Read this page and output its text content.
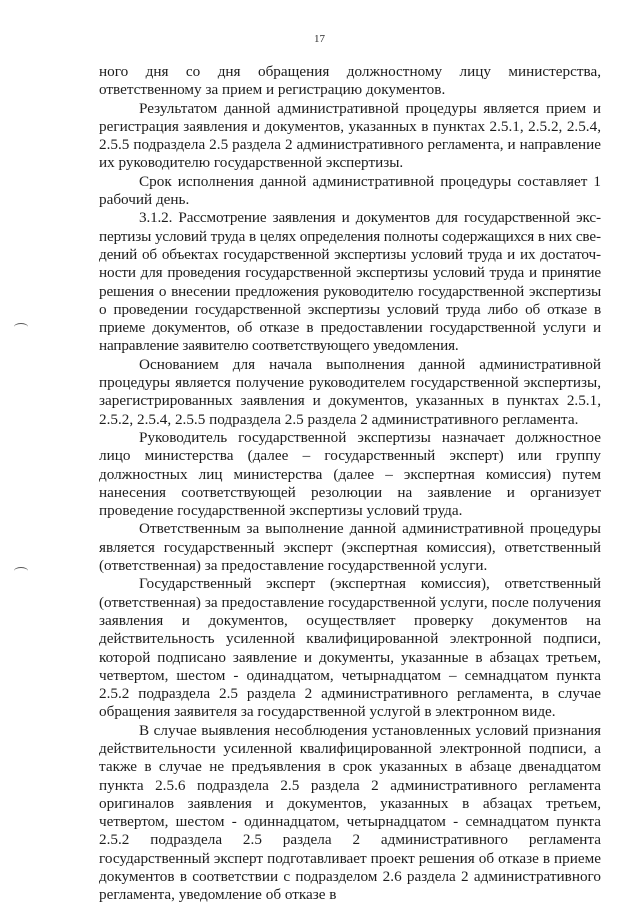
17

ного дня со дня обращения должностному лицу министерства, ответственному за прием и регистрацию документов.

Результатом данной административной процедуры является прием и регистрация заявления и документов, указанных в пунктах 2.5.1, 2.5.2, 2.5.4, 2.5.5 подраздела 2.5 раздела 2 административного регламента, и направление их руководителю государственной экспертизы.

Срок исполнения данной административной процедуры составляет 1 рабочий день.

3.1.2. Рассмотрение заявления и документов для государственной экспертизы условий труда в целях определения полноты содержащихся в них сведений об объектах государственной экспертизы условий труда и их достаточности для проведения государственной экспертизы условий труда и принятие решения о внесении предложения руководителю государственной экспертизы о проведении государственной экспертизы условий труда либо об отказе в приеме документов, об отказе в предоставлении государственной услуги и направление заявителю соответствующего уведомления.

Основанием для начала выполнения данной административной процедуры является получение руководителем государственной экспертизы, зарегистрированных заявления и документов, указанных в пунктах 2.5.1, 2.5.2, 2.5.4, 2.5.5 подраздела 2.5 раздела 2 административного регламента.

Руководитель государственной экспертизы назначает должностное лицо министерства (далее – государственный эксперт) или группу должностных лиц министерства (далее – экспертная комиссия) путем нанесения соответствующей резолюции на заявление и организует проведение государственной экспертизы условий труда.

Ответственным за выполнение данной административной процедуры является государственный эксперт (экспертная комиссия), ответственный (ответственная) за предоставление государственной услуги.

Государственный эксперт (экспертная комиссия), ответственный (ответственная) за предоставление государственной услуги, после получения заявления и документов, осуществляет проверку документов на действительность усиленной квалифицированной электронной подписи, которой подписано заявление и документы, указанные в абзацах третьем, четвертом, шестом - одинадцатом, четырнадцатом – семнадцатом пункта 2.5.2 подраздела 2.5 раздела 2 административного регламента, в случае обращения заявителя за государственной услугой в электронном виде.

В случае выявления несоблюдения установленных условий признания действительности усиленной квалифицированной электронной подписи, а также в случае не предъявления в срок указанных в абзаце двенадцатом пункта 2.5.6 подраздела 2.5 раздела 2 административного регламента оригиналов заявления и документов, указанных в абзацах третьем, четвертом, шестом - одиннадцатом, четырнадцатом - семнадцатом пункта 2.5.2 подраздела 2.5 раздела 2 административного регламента государственный эксперт подготавливает проект решения об отказе в приеме документов в соответствии с подразделом 2.6 раздела 2 административного регламента, уведомление об отказе в
